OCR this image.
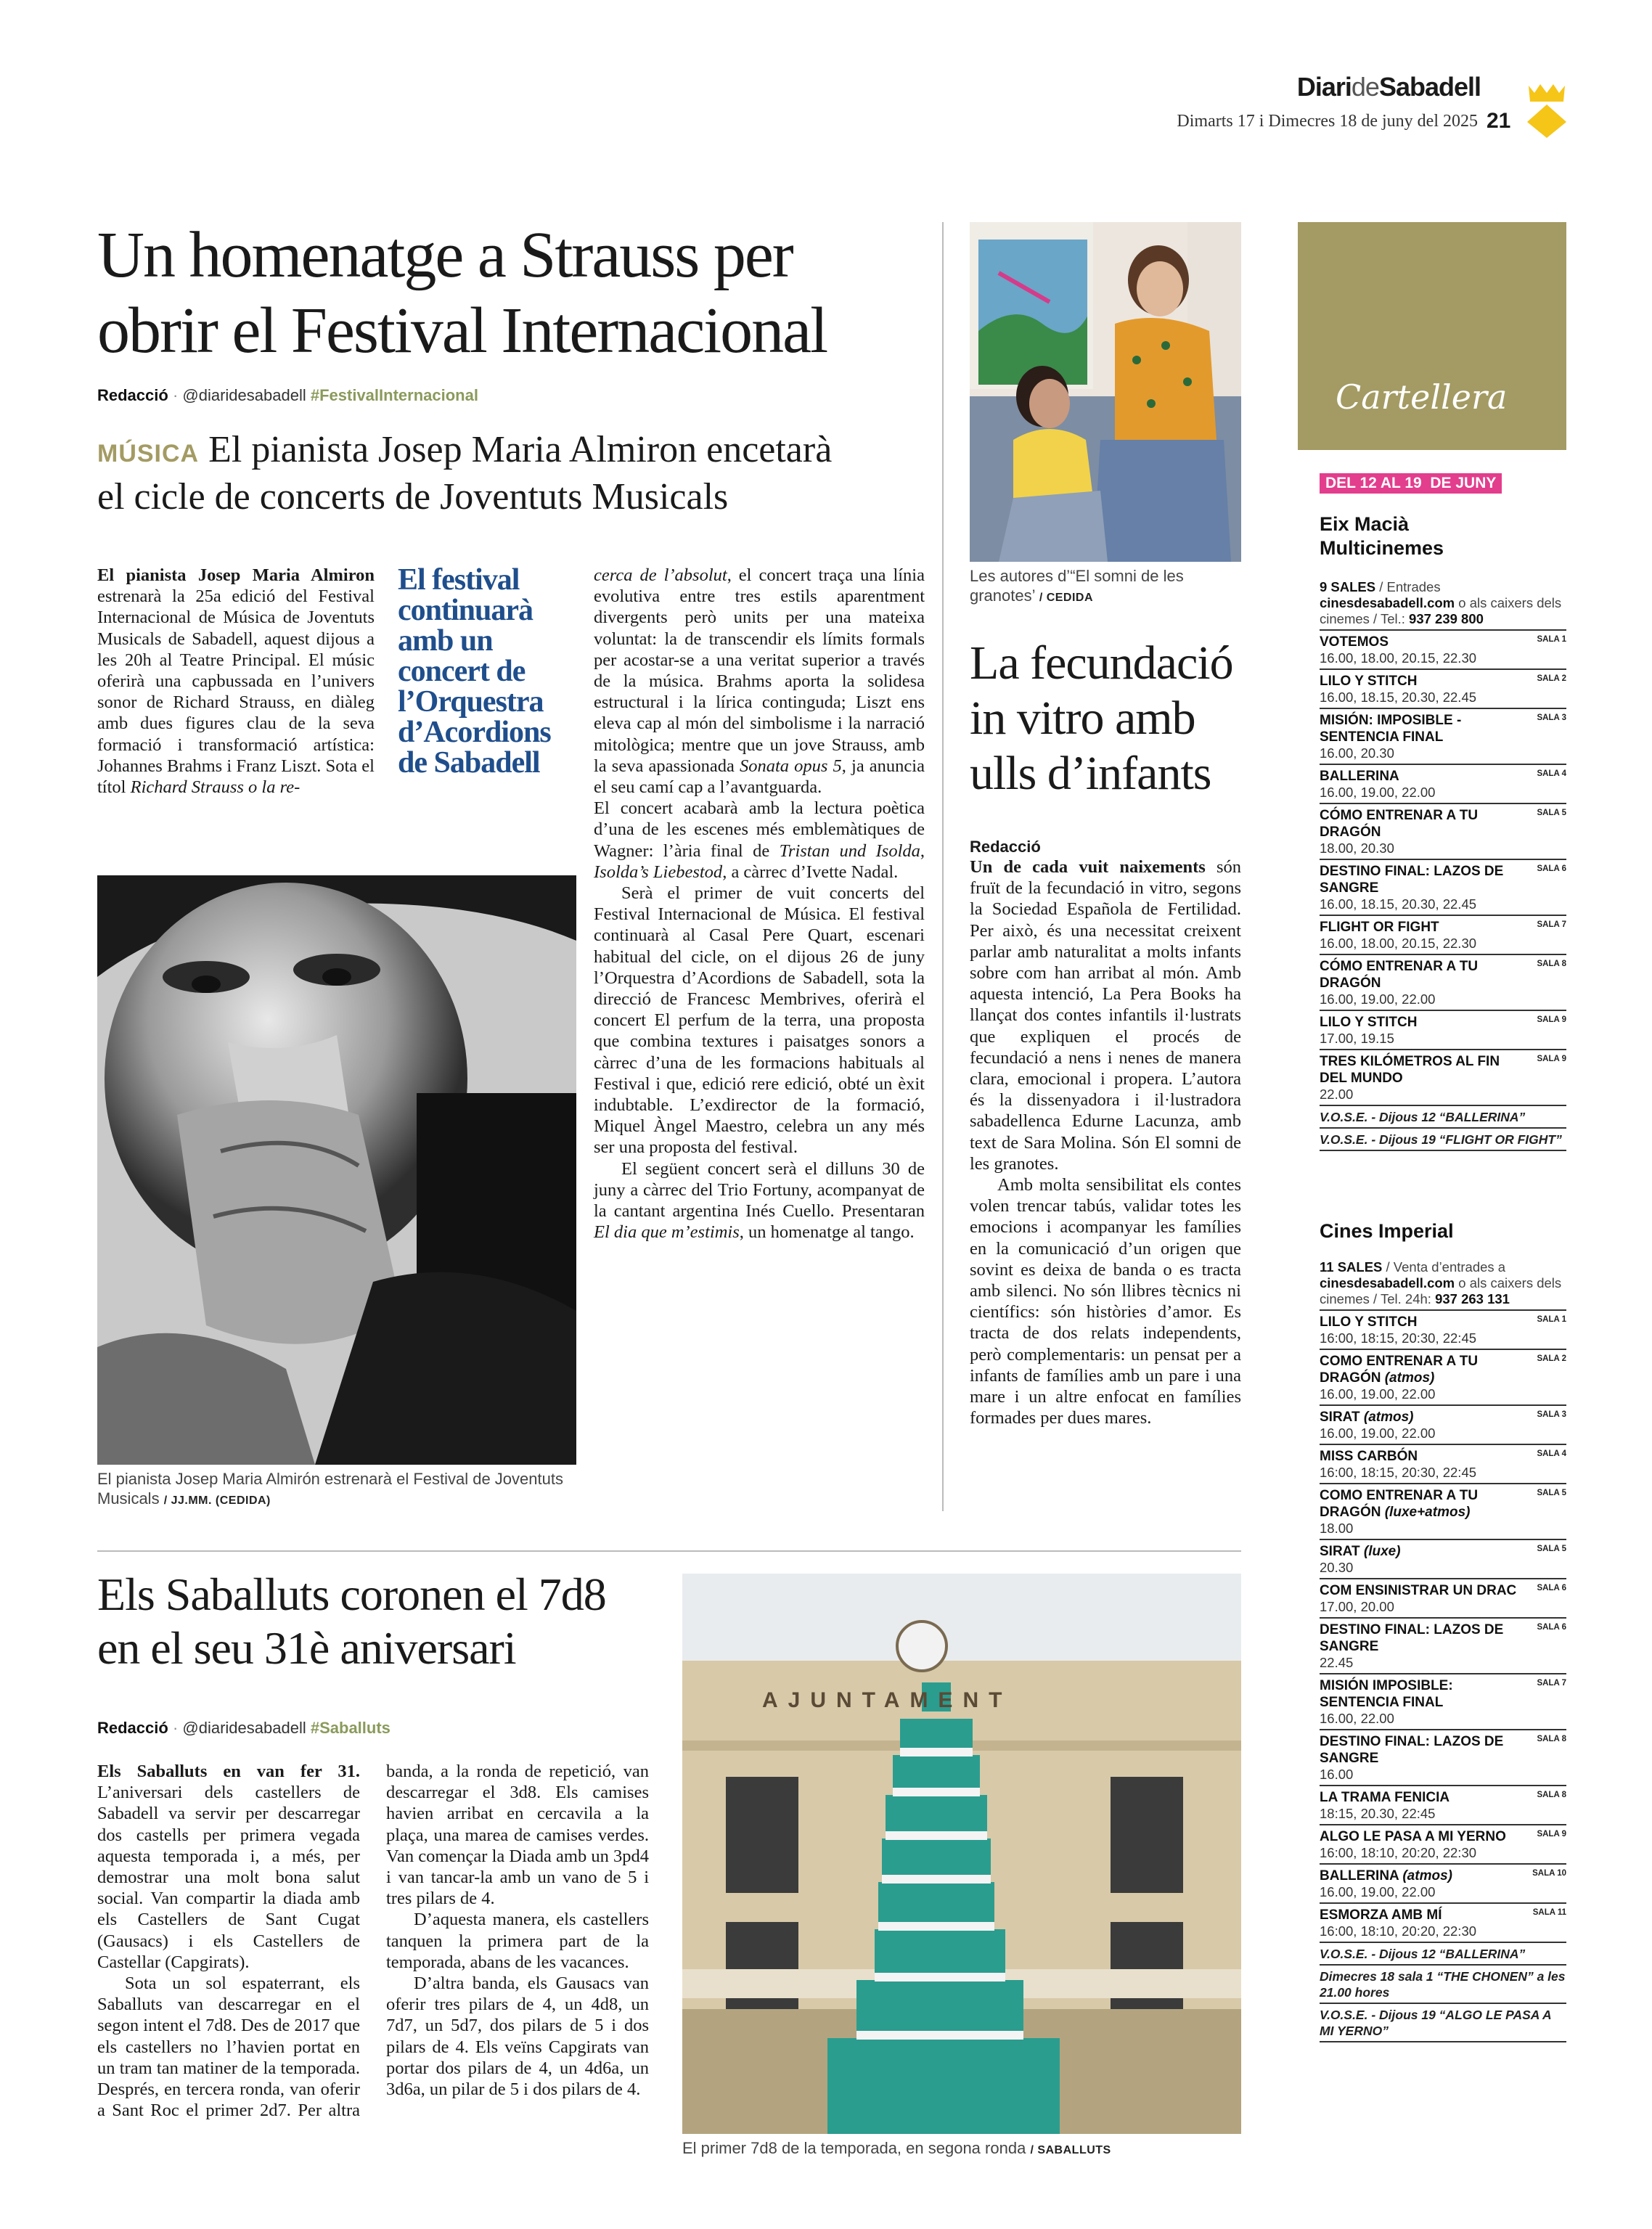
DiarideSabadell
Dimarts 17 i Dimecres 18 de juny del 2025 21
Un homenatge a Strauss per
obrir el Festival Internacional
Redacció · @diaridesabadell #FestivalInternacional
MÚSICA El pianista Josep Maria Almiron encetarà
el cicle de concerts de Joventuts Musicals

El pianista Josep Maria Almiron estrenarà la 25a edició del Festival Internacional de Música de Joventuts Musicals de Sabadell, aquest dijous a les 20h al Teatre Principal. El músic oferirà una capbussada en l’univers sonor de Richard Strauss, en diàleg amb dues figures clau de la seva formació i transformació artística: Johannes Brahms i Franz Liszt. Sota el títol Richard Strauss o la re-

El festival
continuarà
amb un
concert de
l’Orquestra
d’Acordions
de Sabadell

cerca de l’absolut, el concert traça una línia evolutiva entre tres estils aparentment divergents però units per una mateixa voluntat: la de transcendir els límits formals per acostar-se a una veritat superior a través de la música. Brahms aporta la solidesa estructural i la lírica continguda; Liszt ens eleva cap al món del simbolisme i la narració mitològica; mentre que un jove Strauss, amb la seva apassionada Sonata opus 5, ja anuncia el seu camí cap a l’avantguarda.

El concert acabarà amb la lectura poètica d’una de les escenes més emblemàtiques de Wagner: l’ària final de Tristan und Isolda, Isolda’s Liebestod, a càrrec d’Ivette Nadal.

Serà el primer de vuit concerts del Festival Internacional de Música. El festival continuarà al Casal Pere Quart, escenari habitual del cicle, on el dijous 26 de juny l’Orquestra d’Acordions de Sabadell, sota la direcció de Francesc Membrives, oferirà el concert El perfum de la terra, una proposta que combina textures i paisatges sonors a càrrec d’una de les formacions habituals al Festival i que, edició rere edició, obté un èxit indubtable. L’exdirector de la formació, Miquel Àngel Maestro, celebra un any més ser una proposta del festival.

El següent concert serà el dilluns 30 de juny a càrrec del Trio Fortuny, acompanyat de la cantant argentina Inés Cuello. Presentaran El dia que m’estimis, un homenatge al tango.

El pianista Josep Maria Almirón estrenarà el Festival de Joventuts Musicals / JJ.MM. (CEDIDA)
Les autores d’“El somni de les granotes’ / CEDIDA
La fecundació
in vitro amb
ulls d’infants
Redacció

Un de cada vuit naixements són fruït de la fecundació in vitro, segons la Sociedad Española de Fertilidad. Per això, és una necessitat creixent parlar amb naturalitat a molts infants sobre com han arribat al món. Amb aquesta intenció, La Pera Books ha llançat dos contes infantils il·lustrats que expliquen el procés de fecundació a nens i nenes de manera clara, emocional i propera. L’autora és la dissenyadora i il·lustradora sabadellenca Edurne Lacunza, amb text de Sara Molina. Són El somni de les granotes.

Amb molta sensibilitat els contes volen trencar tabús, validar totes les emocions i acompanyar les famílies en la comunicació d’un origen que sovint es deixa de banda o es tracta amb silenci. No són llibres tècnics ni científics: són històries d’amor. Es tracta de dos relats independents, però complementaris: un pensat per a infants de famílies amb un pare i una mare i un altre enfocat en famílies formades per dues mares.

Els Saballuts coronen el 7d8
en el seu 31è aniversari
Redacció · @diaridesabadell #Saballuts

Els Saballuts en van fer 31. L’aniversari dels castellers de Sabadell va servir per descarregar dos castells per primera vegada aquesta temporada i, a més, per demostrar una molt bona salut social. Van compartir la diada amb els Castellers de Sant Cugat (Gausacs) i els Castellers de Castellar (Capgirats).

Sota un sol espaterrant, els Saballuts van descarregar en el segon intent el 7d8. Des de 2017 que els castellers no l’havien portat en un tram tan matiner de la temporada. Després, en tercera ronda, van oferir a Sant Roc el primer 2d7. Per altra banda, a la ronda de repetició, van descarregar el 3d8. Els camises havien arribat en cercavila a la plaça, una marea de camises verdes. Van començar la Diada amb un 3pd4 i van tancar-la amb un vano de 5 i tres pilars de 4.

D’aquesta manera, els castellers tanquen la primera part de la temporada, abans de les vacances.

D’altra banda, els Gausacs van oferir tres pilars de 4, un 4d8, un 7d7, un 5d7, dos pilars de 5 i dos pilars de 4. Els veïns Capgirats van portar dos pilars de 4, un 4d6a, un 3d6a, un pilar de 5 i dos pilars de 4.

AJUNTAMENT
El primer 7d8 de la temporada, en segona ronda / SABALLUTS
Cartellera
DEL 12 AL 19  DE JUNY
Eix Macià
Multicinemes
9 SALES / Entrades cinesdesabadell.com o als caixers dels cinemes / Tel.: 937 239 800
VOTEMOS
16.00, 18.00, 20.15, 22.30
SALA 1
LILO Y STITCH
16.00, 18.15, 20.30, 22.45
SALA 2
MISIÓN: IMPOSIBLE - SENTENCIA FINAL
16.00, 20.30
SALA 3
BALLERINA
16.00, 19.00, 22.00
SALA 4
CÓMO ENTRENAR A TU DRAGÓN
18.00, 20.30
SALA 5
DESTINO FINAL: LAZOS DE SANGRE
16.00, 18.15, 20.30, 22.45
SALA 6
FLIGHT OR FIGHT
16.00, 18.00, 20.15, 22.30
SALA 7
CÓMO ENTRENAR A TU DRAGÓN
16.00, 19.00, 22.00
SALA 8
LILO Y STITCH
17.00, 19.15
SALA 9
TRES KILÓMETROS AL FIN DEL MUNDO
22.00
SALA 9
V.O.S.E. - Dijous 12 “BALLERINA”
V.O.S.E. - Dijous 19 “FLIGHT OR FIGHT”
Cines Imperial
11 SALES / Venta d’entrades a cinesdesabadell.com o als caixers dels cinemes / Tel. 24h: 937 263 131
LILO Y STITCH
16:00, 18:15, 20:30, 22:45
SALA 1
COMO ENTRENAR A TU DRAGÓN (atmos)
16.00, 19.00, 22.00
SALA 2
SIRAT (atmos)
16.00, 19.00, 22.00
SALA 3
MISS CARBÓN
16:00, 18:15, 20:30, 22:45
SALA 4
COMO ENTRENAR A TU DRAGÓN (luxe+atmos)
18.00
SALA 5
SIRAT (luxe)
20.30
SALA 5
COM ENSINISTRAR UN DRAC
17.00, 20.00
SALA 6
DESTINO FINAL: LAZOS DE SANGRE
22.45
SALA 6
MISIÓN IMPOSIBLE: SENTENCIA FINAL
16.00, 22.00
SALA 7
DESTINO FINAL: LAZOS DE SANGRE
16.00
SALA 8
LA TRAMA FENICIA
18:15, 20.30, 22:45
SALA 8
ALGO LE PASA A MI YERNO
16:00, 18:10, 20:20, 22:30
SALA 9
BALLERINA (atmos)
16.00, 19.00, 22.00
SALA 10
ESMORZA AMB MÍ
16:00, 18:10, 20:20, 22:30
SALA 11
V.O.S.E. - Dijous 12 “BALLERINA”
Dimecres 18 sala 1 “THE CHONEN” a les 21.00 hores
V.O.S.E. - Dijous 19 “ALGO LE PASA A MI YERNO”
